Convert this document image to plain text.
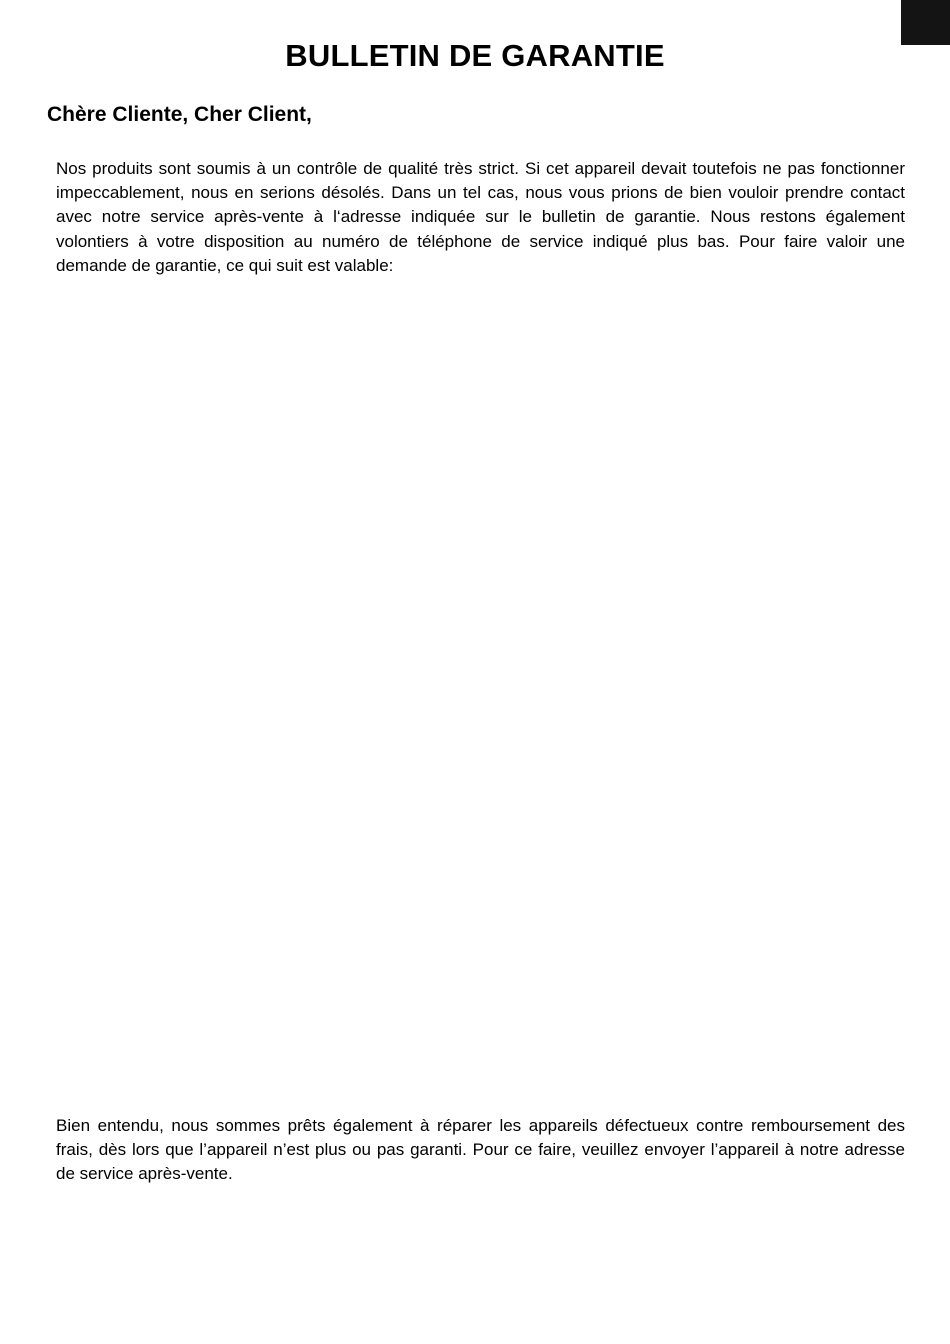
BULLETIN DE GARANTIE
Chère Cliente, Cher Client,

Nos produits sont soumis à un contrôle de qualité très strict. Si cet appareil devait toutefois ne pas fonctionner impeccablement, nous en serions désolés. Dans un tel cas, nous vous prions de bien vouloir prendre contact avec notre service après-vente à l‘adresse indiquée sur le bulletin de garantie. Nous restons également volontiers à votre disposition au numéro de téléphone de service indiqué plus bas. Pour faire valoir une demande de garantie, ce qui suit est valable:

Bien entendu, nous sommes prêts également à réparer les appareils défectueux contre remboursement des frais, dès lors que l’appareil n’est plus ou pas garanti. Pour ce faire, veuillez envoyer l’appareil à notre adresse de service après-vente.
